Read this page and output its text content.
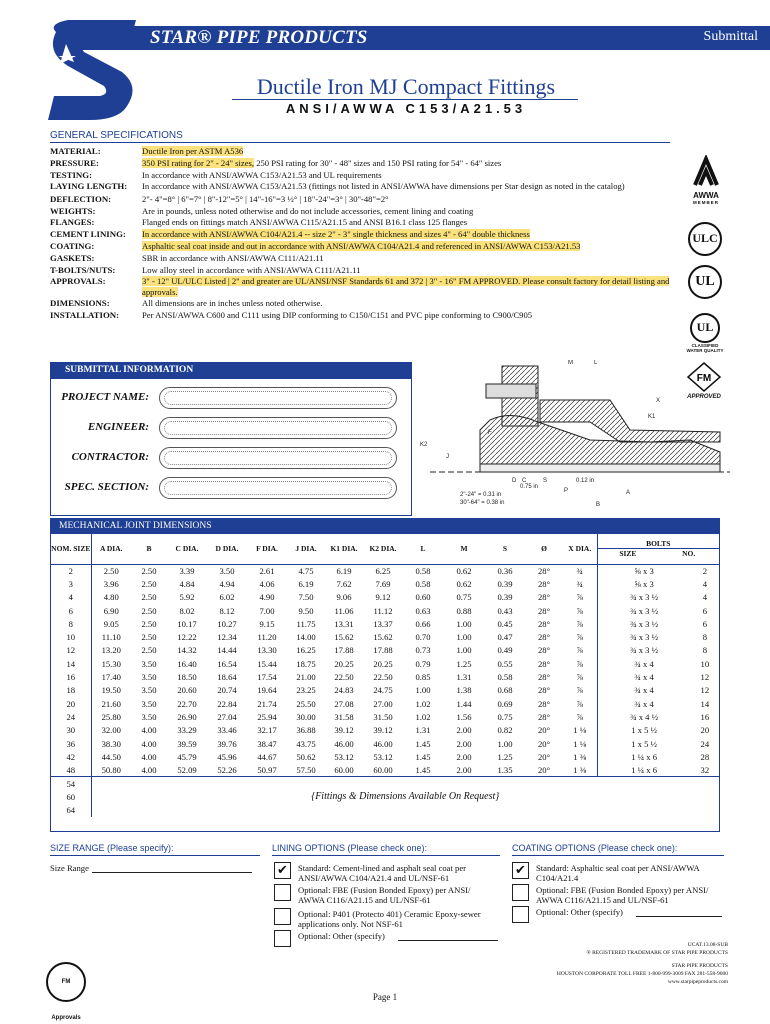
STAR® PIPE PRODUCTS	Submittal
Ductile Iron MJ Compact Fittings
ANSI/AWWA C153/A21.53
GENERAL SPECIFICATIONS
MATERIAL:	Ductile Iron per ASTM A536
PRESSURE:	350 PSI rating for 2" - 24" sizes, 250 PSI rating for 30" - 48" sizes and 150 PSI rating for 54" - 64" sizes
TESTING:	In accordance with ANSI/AWWA C153/A21.53 and UL requirements
LAYING LENGTH:	In accordance with ANSI/AWWA C153/A21.53 (fittings not listed in ANSI/AWWA have dimensions per Star design as noted in the catalog)
DEFLECTION:	2"- 4"=8° | 6"=7° | 8"-12"=5° | 14"-16"=3 ½° | 18"-24"=3° | 30"-48"=2°
WEIGHTS:	Are in pounds, unless noted otherwise and do not include accessories, cement lining and coating
FLANGES:	Flanged ends on fittings match ANSI/AWWA C115/A21.15 and ANSI B16.1 class 125 flanges
CEMENT LINING:	In accordance with ANSI/AWWA C104/A21.4 -- size 2" - 3" single thickness and sizes 4" - 64" double thickness
COATING:	Asphaltic seal coat inside and out in accordance with ANSI/AWWA C104/A21.4 and referenced in ANSI/AWWA C153/A21.53
GASKETS:	SBR in accordance with ANSI/AWWA C111/A21.11
T-BOLTS/NUTS:	Low alloy steel in accordance with ANSI/AWWA C111/A21.11
APPROVALS:	3" - 12" UL/ULC Listed | 2" and greater are UL/ANSI/NSF Standards 61 and 372 | 3" - 16" FM APPROVED. Please consult factory for detail listing and approvals.
DIMENSIONS:	All dimensions are in inches unless noted otherwise.
INSTALLATION:	Per ANSI/AWWA C600 and C111 using DIP conforming to C150/C151 and PVC pipe conforming to C900/C905
AWWA
MEMBER
ULC
UL
UL
CLASSIFIED
WATER QUALITY
FM
APPROVED
SUBMITTAL INFORMATION
PROJECT NAME:
ENGINEER:
CONTRACTOR:
SPEC. SECTION:
M	L
X
K1
K2
F
J
D C	S
0.75 in
2"-24" = 0.31 in
30"-64" = 0.38 in
0.12 in
P	A
B
MECHANICAL JOINT DIMENSIONS
NOM. SIZE	A DIA.	B	C DIA.	D DIA.	F DIA.	J DIA.	K1 DIA.	K2 DIA.	L	M	S	Ø	X DIA.	BOLTS
SIZE NO.	

2	2.50	2.50	3.39	3.50	2.61	4.75	6.19	6.25	0.58	0.62	0.36	28°	¾	⅝ x 3	2
3	3.96	2.50	4.84	4.94	4.06	6.19	7.62	7.69	0.58	0.62	0.39	28°	¾	⅝ x 3	4
4	4.80	2.50	5.92	6.02	4.90	7.50	9.06	9.12	0.60	0.75	0.39	28°	⅞	¾ x 3 ½	4
6	6.90	2.50	8.02	8.12	7.00	9.50	11.06	11.12	0.63	0.88	0.43	28°	⅞	¾ x 3 ½	6
8	9.05	2.50	10.17	10.27	9.15	11.75	13.31	13.37	0.66	1.00	0.45	28°	⅞	¾ x 3 ½	6
10	11.10	2.50	12.22	12.34	11.20	14.00	15.62	15.62	0.70	1.00	0.47	28°	⅞	¾ x 3 ½	8
12	13.20	2.50	14.32	14.44	13.30	16.25	17.88	17.88	0.73	1.00	0.49	28°	⅞	¾ x 3 ½	8
14	15.30	3.50	16.40	16.54	15.44	18.75	20.25	20.25	0.79	1.25	0.55	28°	⅞	¾ x 4	10
16	17.40	3.50	18.50	18.64	17.54	21.00	22.50	22.50	0.85	1.31	0.58	28°	⅞	¾ x 4	12
18	19.50	3.50	20.60	20.74	19.64	23.25	24.83	24.75	1.00	1.38	0.68	28°	⅞	¾ x 4	12
20	21.60	3.50	22.70	22.84	21.74	25.50	27.08	27.00	1.02	1.44	0.69	28°	⅞	¾ x 4	14
24	25.80	3.50	26.90	27.04	25.94	30.00	31.58	31.50	1.02	1.56	0.75	28°	⅞	¾ x 4 ½	16
30	32.00	4.00	33.29	33.46	32.17	36.88	39.12	39.12	1.31	2.00	0.82	20°	1 ⅛	1 x 5 ½	20
36	38.30	4.00	39.59	39.76	38.47	43.75	46.00	46.00	1.45	2.00	1.00	20°	1 ⅛	1 x 5 ½	24
42	44.50	4.00	45.79	45.96	44.67	50.62	53.12	53.12	1.45	2.00	1.25	20°	1 ⅜	1 ¼ x 6	28
48	50.80	4.00	52.09	52.26	50.97	57.50	60.00	60.00	1.45	2.00	1.35	20°	1 ⅜	1 ¼ x 6	32
54	{Fittings & Dimensions Available On Request}														
60															
64															
SIZE RANGE (Please specify):
Size Range
LINING OPTIONS (Please check one):
✔	Standard: Cement-lined and asphalt seal coat per ANSI/AWWA C104/A21.4 and UL/NSF-61
Optional: FBE (Fusion Bonded Epoxy) per ANSI/ AWWA C116/A21.15 and UL/NSF-61
Optional: P401 (Protecto 401) Ceramic Epoxy-sewer applications only. Not NSF-61
Optional: Other (specify)
COATING OPTIONS (Please check one):
✔	Standard: Asphaltic seal coat per ANSI/AWWA C104/A21.4
Optional: FBE (Fusion Bonded Epoxy) per ANSI/ AWWA C116/A21.15 and UL/NSF-61
Optional: Other (specify)
FM Approvals
UCAT.13.08-SUB
® REGISTERED TRADEMARK OF STAR PIPE PRODUCTS
STAR PIPE PRODUCTS
HOUSTON CORPORATE TOLL FREE 1-800-999-3009 FAX 281-558-9000
www.starpipeproducts.com
Page 1
